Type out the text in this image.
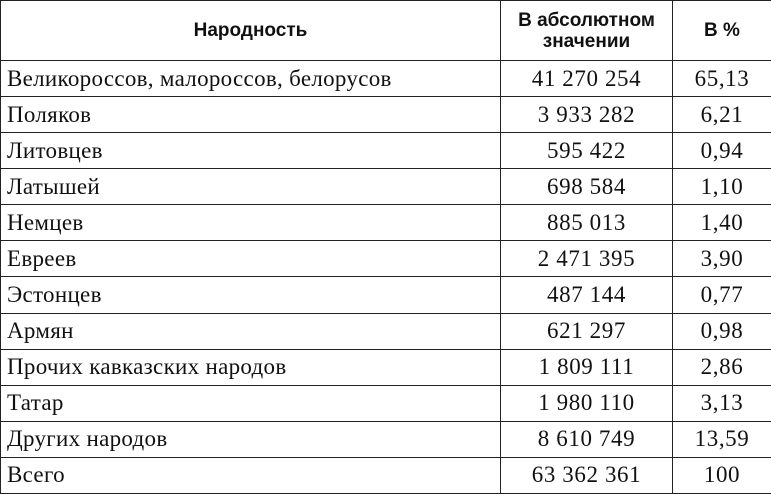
Народность	В абсолютном значении	В %
Великороссов, малороссов, белорусов	41 270 254	65,13
Поляков	3 933 282	6,21
Литовцев	595 422	0,94
Латышей	698 584	1,10
Немцев	885 013	1,40
Евреев	2 471 395	3,90
Эстонцев	487 144	0,77
Армян	621 297	0,98
Прочих кавказских народов	1 809 111	2,86
Татар	1 980 110	3,13
Других народов	8 610 749	13,59
Всего	63 362 361	100
